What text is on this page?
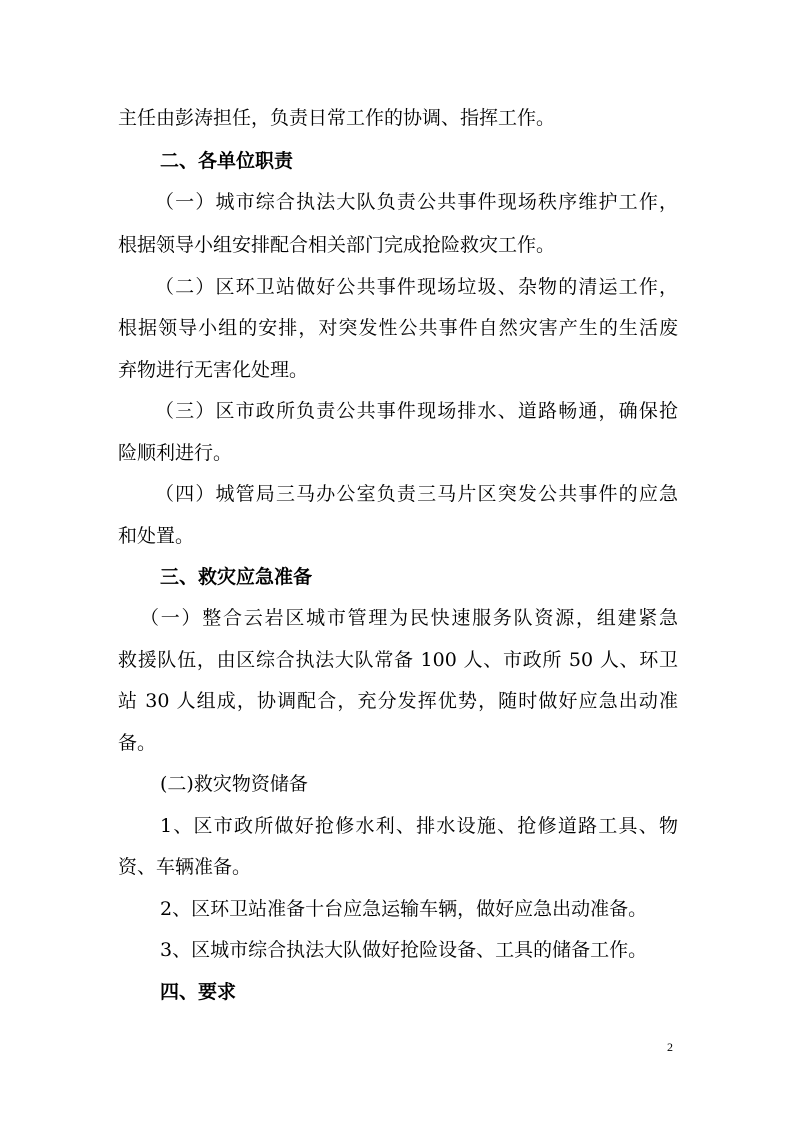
主任由彭涛担任，负责日常工作的协调、指挥工作。
二、各单位职责
（一）城市综合执法大队负责公共事件现场秩序维护工作，
根据领导小组安排配合相关部门完成抢险救灾工作。
（二）区环卫站做好公共事件现场垃圾、杂物的清运工作，
根据领导小组的安排，对突发性公共事件自然灾害产生的生活废
弃物进行无害化处理。
（三）区市政所负责公共事件现场排水、道路畅通，确保抢
险顺利进行。
（四）城管局三马办公室负责三马片区突发公共事件的应急
和处置。
三、救灾应急准备
（一）整合云岩区城市管理为民快速服务队资源，组建紧急
救援队伍，由区综合执法大队常备 100 人、市政所 50 人、环卫
站 30 人组成，协调配合，充分发挥优势，随时做好应急出动准
备。
(二)救灾物资储备
1、区市政所做好抢修水利、排水设施、抢修道路工具、物
资、车辆准备。
2、区环卫站准备十台应急运输车辆，做好应急出动准备。
3、区城市综合执法大队做好抢险设备、工具的储备工作。
四、要求
2
